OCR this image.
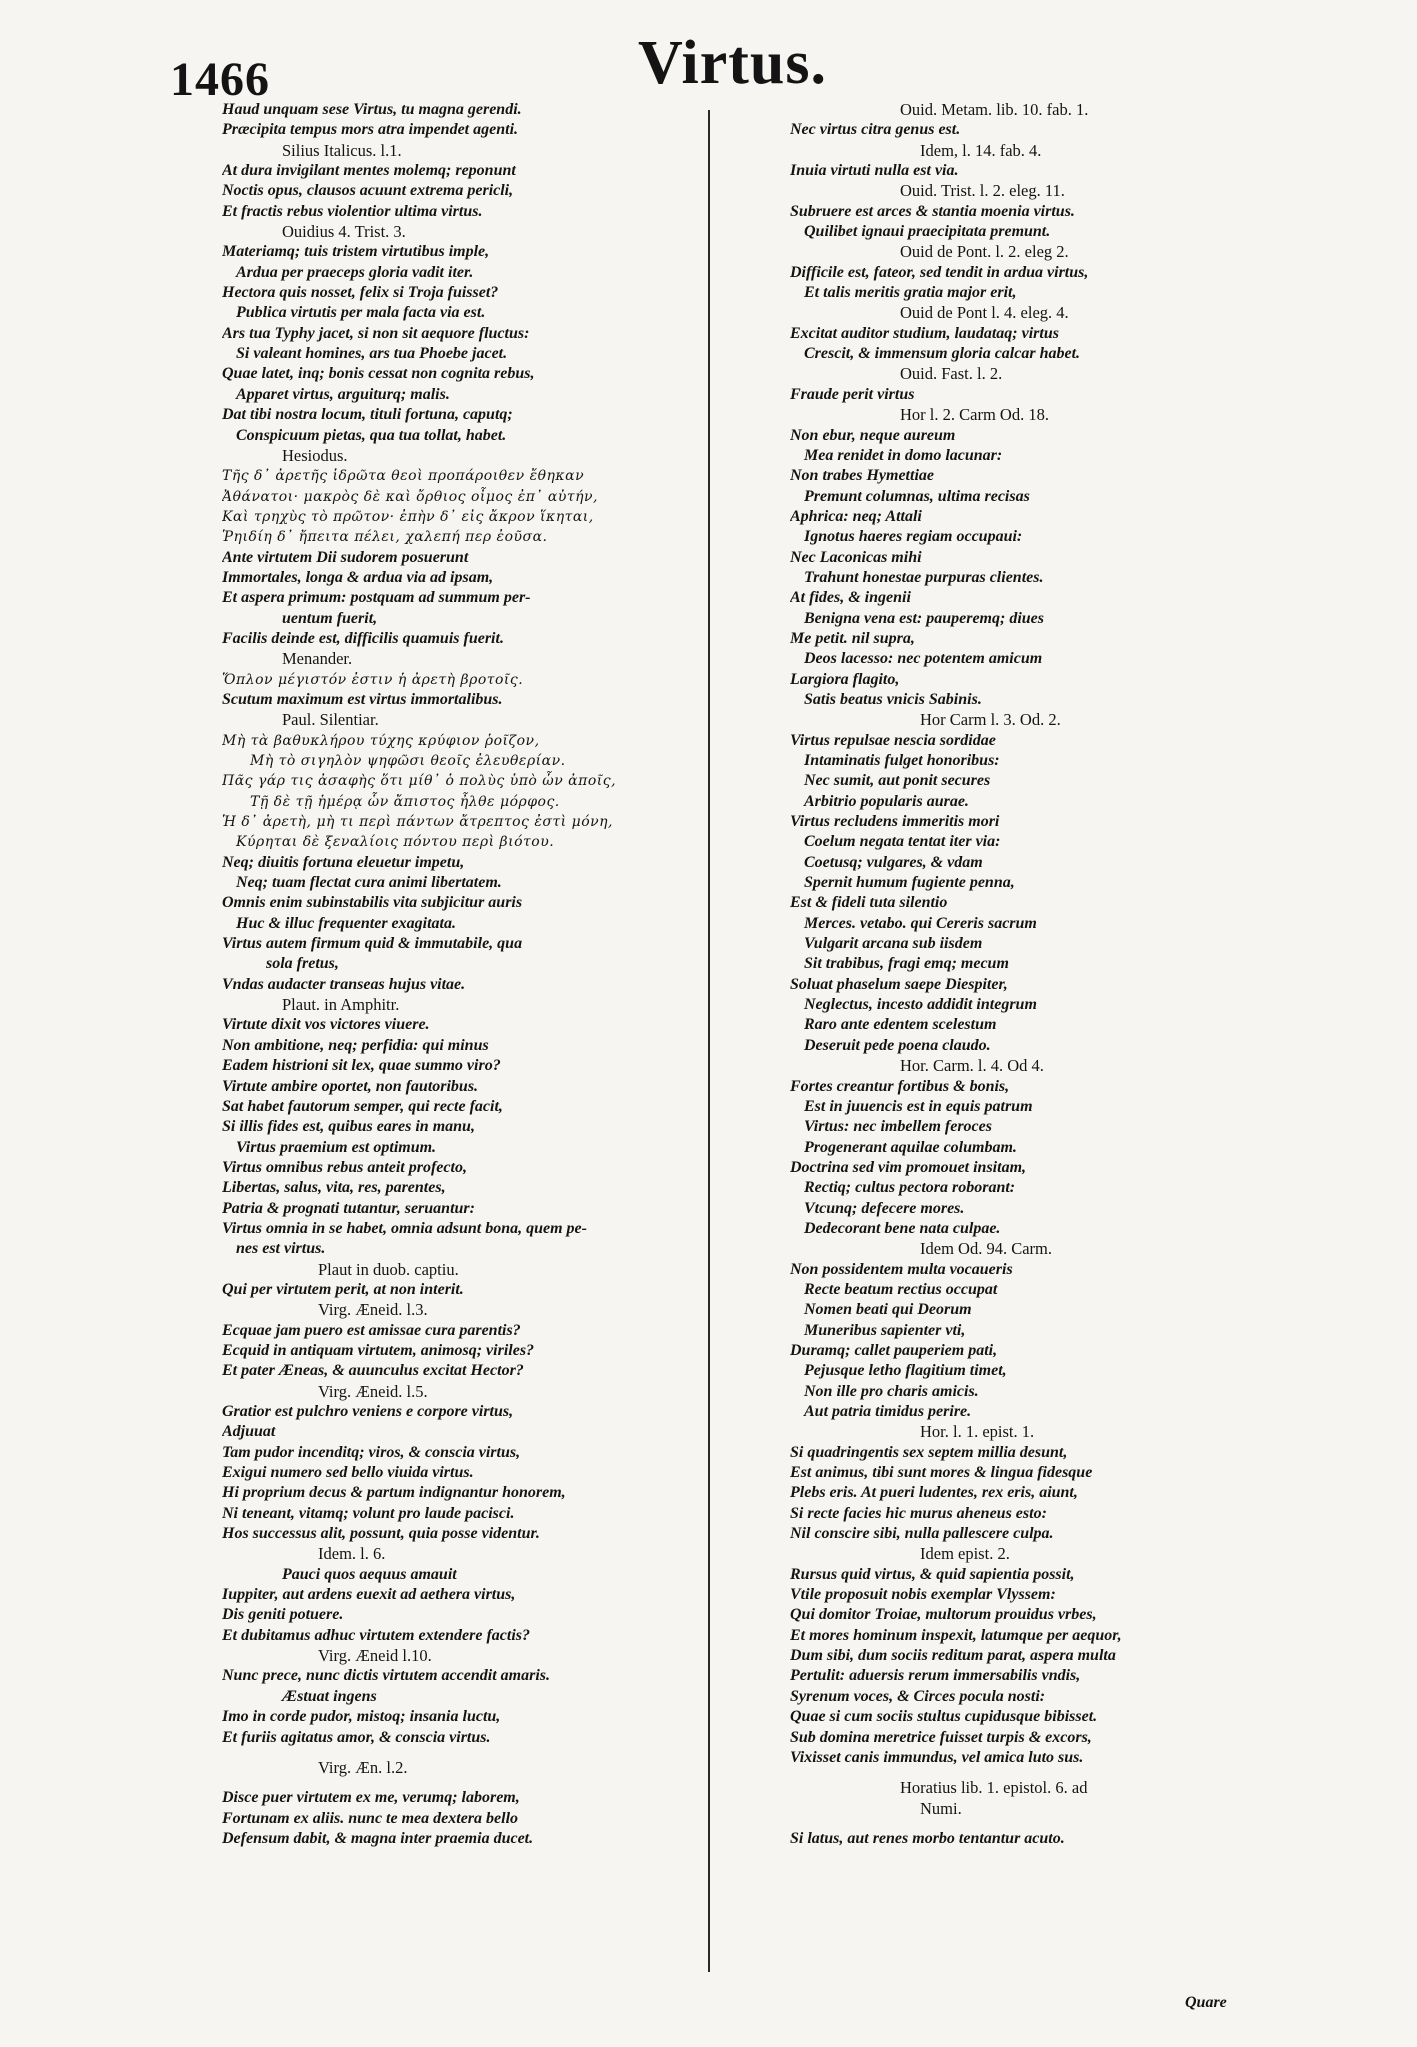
1466	Virtus.
Haud unquam sese Virtus, tu magna gerendi.
Præcipita tempus mors atra impendet agenti.
Silius Italicus. l.1.
At dura invigilant mentes molemq; reponunt
Noctis opus, clausos acuunt extrema pericli,
Et fractis rebus violentior ultima virtus.
Ouidius 4. Trist. 3.
Materiamq; tuis tristem virtutibus imple,
Ardua per praeceps gloria vadit iter.
Hectora quis nosset, felix si Troja fuisset?
Publica virtutis per mala facta via est.
Ars tua Typhy jacet, si non sit aequore fluctus:
Si valeant homines, ars tua Phoebe jacet.
Quae latet, inq; bonis cessat non cognita rebus,
Apparet virtus, arguiturq; malis.
Dat tibi nostra locum, tituli fortuna, caputq;
Conspicuum pietas, qua tua tollat, habet.
Hesiodus.
Τῆς δ᾽ ἀρετῆς ἱδρῶτα θεοὶ προπάροιθεν ἔθηκαν
Ἀθάνατοι· μακρὸς δὲ καὶ ὄρθιος οἶμος ἐπ᾽ αὐτήν,
Καὶ τρηχὺς τὸ πρῶτον· ἐπὴν δ᾽ εἰς ἄκρον ἵκηται,
Ῥηιδίη δ᾽ ἤπειτα πέλει, χαλεπή περ ἐοῦσα.
Ante virtutem Dii sudorem posuerunt
Immortales, longa & ardua via ad ipsam,
Et aspera primum: postquam ad summum per-
uentum fuerit,
Facilis deinde est, difficilis quamuis fuerit.
Menander.
Ὅπλον μέγιστόν ἐστιν ἡ ἀρετὴ βροτοῖς.
Scutum maximum est virtus immortalibus.
Paul. Silentiar.
Μὴ τὰ βαθυκλήρου τύχης κρύφιον ῥοῖζον,
Μὴ τὸ σιγηλὸν ψηφῶσι θεοῖς ἐλευθερίαν.
Πᾶς γάρ τις ἀσαφὴς ὅτι μίθ᾽ ὁ πολὺς ὑπὸ ὧν ἀποῖς,
Τῇ δὲ τῇ ἡμέρᾳ ὧν ἄπιστος ἦλθε μόρφος.
Ἡ δ᾽ ἀρετὴ, μὴ τι περὶ πάντων ἄτρεπτος ἐστὶ μόνη,
Κύρηται δὲ ξεναλίοις πόντου περὶ βιότου.
Neq; diuitis fortuna eleuetur impetu,
Neq; tuam flectat cura animi libertatem.
Omnis enim subinstabilis vita subjicitur auris
Huc & illuc frequenter exagitata.
Virtus autem firmum quid & immutabile, qua
sola fretus,
Vndas audacter transeas hujus vitae.
Plaut. in Amphitr.
Virtute dixit vos victores viuere.
Non ambitione, neq; perfidia: qui minus
Eadem histrioni sit lex, quae summo viro?
Virtute ambire oportet, non fautoribus.
Sat habet fautorum semper, qui recte facit,
Si illis fides est, quibus eares in manu,
Virtus praemium est optimum.
Virtus omnibus rebus anteit profecto,
Libertas, salus, vita, res, parentes,
Patria & prognati tutantur, seruantur:
Virtus omnia in se habet, omnia adsunt bona, quem pe-
nes est virtus.
Plaut in duob. captiu.
Qui per virtutem perit, at non interit.
Virg. Æneid. l.3.
Ecquae jam puero est amissae cura parentis?
Ecquid in antiquam virtutem, animosq; viriles?
Et pater Æneas, & auunculus excitat Hector?
Virg. Æneid. l.5.
Gratior est pulchro veniens e corpore virtus,
Adjuuat
Tam pudor incenditq; viros, & conscia virtus,
Exigui numero sed bello viuida virtus.
Hi proprium decus & partum indignantur honorem,
Ni teneant, vitamq; volunt pro laude pacisci.
Hos successus alit, possunt, quia posse videntur.
Idem. l. 6.
Pauci quos aequus amauit
Iuppiter, aut ardens euexit ad aethera virtus,
Dis geniti potuere.
Et dubitamus adhuc virtutem extendere factis?
Virg. Æneid l.10.
Nunc prece, nunc dictis virtutem accendit amaris.
Æstuat ingens
Imo in corde pudor, mistoq; insania luctu,
Et furiis agitatus amor, & conscia virtus.
Virg. Æn. l.2.
Disce puer virtutem ex me, verumq; laborem,
Fortunam ex aliis. nunc te mea dextera bello
Defensum dabit, & magna inter praemia ducet.
Ouid. Metam. lib. 10. fab. 1.
Nec virtus citra genus est.
Idem, l. 14. fab. 4.
Inuia virtuti nulla est via.
Ouid. Trist. l. 2. eleg. 11.
Subruere est arces & stantia moenia virtus.
Quilibet ignaui praecipitata premunt.
Ouid de Pont. l. 2. eleg 2.
Difficile est, fateor, sed tendit in ardua virtus,
Et talis meritis gratia major erit,
Ouid de Pont l. 4. eleg. 4.
Excitat auditor studium, laudataq; virtus
Crescit, & immensum gloria calcar habet.
Ouid. Fast. l. 2.
Fraude perit virtus
Hor l. 2. Carm Od. 18.
Non ebur, neque aureum
Mea renidet in domo lacunar:
Non trabes Hymettiae
Premunt columnas, ultima recisas
Aphrica: neq; Attali
Ignotus haeres regiam occupaui:
Nec Laconicas mihi
Trahunt honestae purpuras clientes.
At fides, & ingenii
Benigna vena est: pauperemq; diues
Me petit. nil supra,
Deos lacesso: nec potentem amicum
Largiora flagito,
Satis beatus vnicis Sabinis.
Hor Carm l. 3. Od. 2.
Virtus repulsae nescia sordidae
Intaminatis fulget honoribus:
Nec sumit, aut ponit secures
Arbitrio popularis aurae.
Virtus recludens immeritis mori
Coelum negata tentat iter via:
Coetusq; vulgares, & vdam
Spernit humum fugiente penna,
Est & fideli tuta silentio
Merces. vetabo. qui Cereris sacrum
Vulgarit arcana sub iisdem
Sit trabibus, fragi emq; mecum
Soluat phaselum saepe Diespiter,
Neglectus, incesto addidit integrum
Raro ante edentem scelestum
Deseruit pede poena claudo.
Hor. Carm. l. 4. Od 4.
Fortes creantur fortibus & bonis,
Est in juuencis est in equis patrum
Virtus: nec imbellem feroces
Progenerant aquilae columbam.
Doctrina sed vim promouet insitam,
Rectiq; cultus pectora roborant:
Vtcunq; defecere mores.
Dedecorant bene nata culpae.
Idem Od. 94. Carm.
Non possidentem multa vocaueris
Recte beatum rectius occupat
Nomen beati qui Deorum
Muneribus sapienter vti,
Duramq; callet pauperiem pati,
Pejusque letho flagitium timet,
Non ille pro charis amicis.
Aut patria timidus perire.
Hor. l. 1. epist. 1.
Si quadringentis sex septem millia desunt,
Est animus, tibi sunt mores & lingua fidesque
Plebs eris. At pueri ludentes, rex eris, aiunt,
Si recte facies hic murus aheneus esto:
Nil conscire sibi, nulla pallescere culpa.
Idem epist. 2.
Rursus quid virtus, & quid sapientia possit,
Vtile proposuit nobis exemplar Vlyssem:
Qui domitor Troiae, multorum prouidus vrbes,
Et mores hominum inspexit, latumque per aequor,
Dum sibi, dum sociis reditum parat, aspera multa
Pertulit: aduersis rerum immersabilis vndis,
Syrenum voces, & Circes pocula nosti:
Quae si cum sociis stultus cupidusque bibisset.
Sub domina meretrice fuisset turpis & excors,
Vixisset canis immundus, vel amica luto sus.
Horatius lib. 1. epistol. 6. ad
Numi.
Si latus, aut renes morbo tentantur acuto.
Quare
